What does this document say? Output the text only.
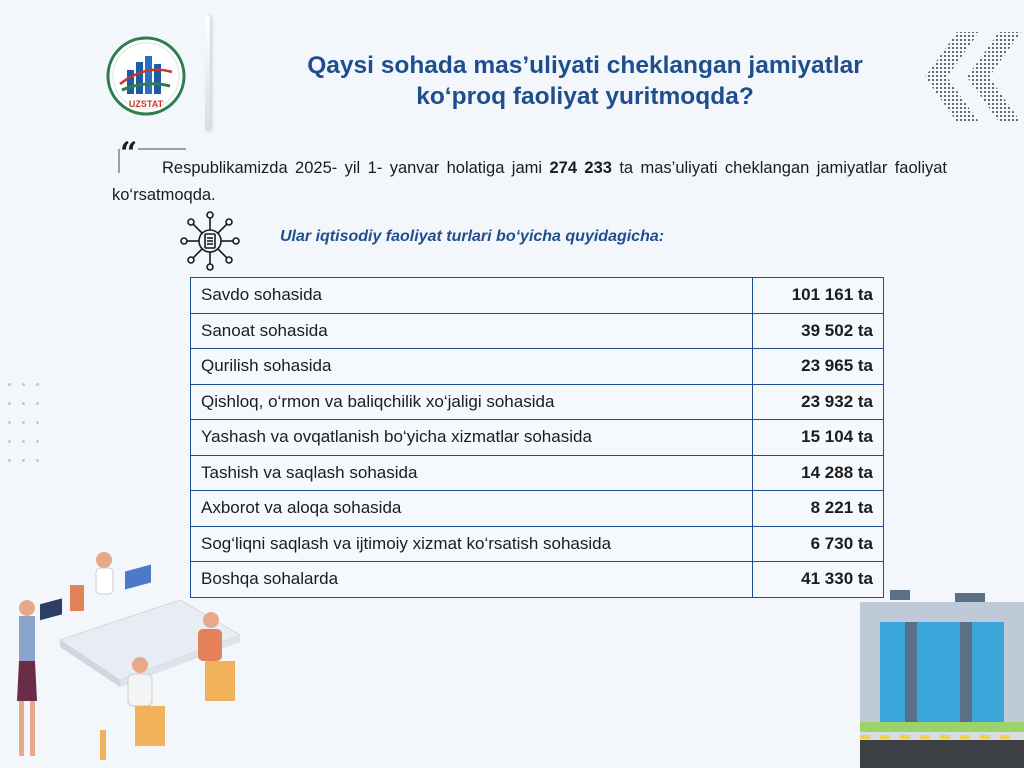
UZSTAT
Qaysi sohada mas’uliyati cheklangan jamiyatlar
ko‘proq faoliyat yuritmoqda?
“	Respublikamizda 2025- yil 1- yanvar holatiga jami 274 233 ta mas’uliyati cheklangan jamiyatlar faoliyat ko‘rsatmoqda.
Ular iqtisodiy faoliyat turlari bo‘yicha quyidagicha:
Savdo sohasida	101 161 ta
Sanoat sohasida	39 502 ta
Qurilish sohasida	23 965 ta
Qishloq, o‘rmon va baliqchilik xo‘jaligi sohasida	23 932 ta
Yashash va ovqatlanish bo‘yicha xizmatlar sohasida	15 104 ta
Tashish va saqlash sohasida	14 288 ta
Axborot va aloqa sohasida	8 221 ta
Sog‘liqni saqlash va ijtimoiy xizmat ko‘rsatish sohasida	6 730 ta
Boshqa sohalarda	41 330 ta
